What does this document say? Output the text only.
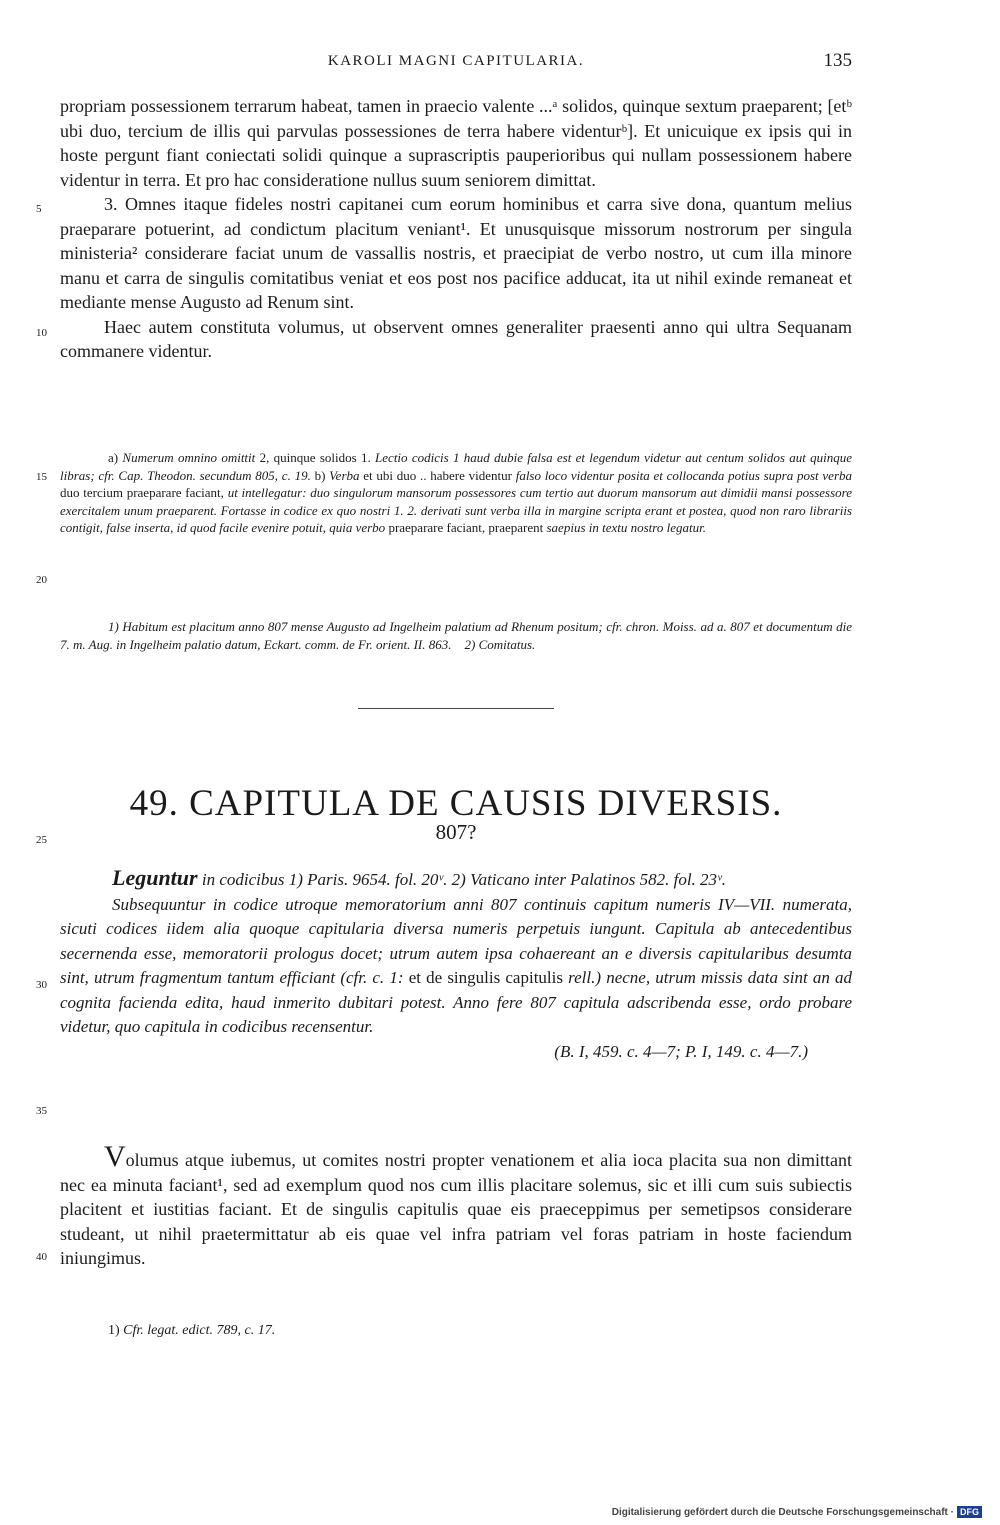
KAROLI MAGNI CAPITULARIA.	135
5
10
15
20
25
30
35
40

propriam possessionem terrarum habeat, tamen in praecio valente ...ᵃ solidos, quinque sextum praeparent; [etᵇ ubi duo, tercium de illis qui parvulas possessiones de terra habere videnturᵇ]. Et unicuique ex ipsis qui in hoste pergunt fiant coniectati solidi quinque a suprascriptis pauperioribus qui nullam possessionem habere videntur in terra. Et pro hac consideratione nullus suum seniorem dimittat.

3. Omnes itaque fideles nostri capitanei cum eorum hominibus et carra sive dona, quantum melius praeparare potuerint, ad condictum placitum veniant¹. Et unusquisque missorum nostrorum per singula ministeria² considerare faciat unum de vassallis nostris, et praecipiat de verbo nostro, ut cum illa minore manu et carra de singulis comitatibus veniat et eos post nos pacifice adducat, ita ut nihil exinde remaneat et mediante mense Augusto ad Renum sint.

Haec autem constituta volumus, ut observent omnes generaliter praesenti anno qui ultra Sequanam commanere videntur.

a) Numerum omnino omittit 2, quinque solidos 1. Lectio codicis 1 haud dubie falsa est et legendum videtur aut centum solidos aut quinque libras; cfr. Cap. Theodon. secundum 805, c. 19. b) Verba et ubi duo .. habere videntur falso loco videntur posita et collocanda potius supra post verba duo tercium praeparare faciant, ut intellegatur: duo singulorum mansorum possessores cum tertio aut duorum mansorum aut dimidii mansi possessore exercitalem unum praeparent. Fortasse in codice ex quo nostri 1. 2. derivati sunt verba illa in margine scripta erant et postea, quod non raro librariis contigit, false inserta, id quod facile evenire potuit, quia verbo praeparare faciant, praeparent saepius in textu nostro legatur.

1) Habitum est placitum anno 807 mense Augusto ad Ingelheim palatium ad Rhenum positum; cfr. chron. Moiss. ad a. 807 et documentum die 7. m. Aug. in Ingelheim palatio datum, Eckart. comm. de Fr. orient. II. 863. 2) Comitatus.

49. CAPITULA DE CAUSIS DIVERSIS.
807?

Leguntur in codicibus 1) Paris. 9654. fol. 20ᵛ. 2) Vaticano inter Palatinos 582. fol. 23ᵛ.

Subsequuntur in codice utroque memoratorium anni 807 continuis capitum numeris IV—VII. numerata, sicuti codices iidem alia quoque capitularia diversa numeris perpetuis iungunt. Capitula ab antecedentibus secernenda esse, memoratorii prologus docet; utrum autem ipsa cohaereant an e diversis capitularibus desumta sint, utrum fragmentum tantum efficiant (cfr. c. 1: et de singulis capitulis rell.) necne, utrum missis data sint an ad cognita facienda edita, haud inmerito dubitari potest. Anno fere 807 capitula adscribenda esse, ordo probare videtur, quo capitula in codicibus recensentur.

(B. I, 459. c. 4—7; P. I, 149. c. 4—7.)

Volumus atque iubemus, ut comites nostri propter venationem et alia ioca placita sua non dimittant nec ea minuta faciant¹, sed ad exemplum quod nos cum illis placitare solemus, sic et illi cum suis subiectis placitent et iustitias faciant. Et de singulis capitulis quae eis praeceppimus per semetipsos considerare studeant, ut nihil praetermittatur ab eis quae vel infra patriam vel foras patriam in hoste faciendum iniungimus.

1) Cfr. legat. edict. 789, c. 17.
Digitalisierung gefördert durch die Deutsche Forschungsgemeinschaft · DFG
